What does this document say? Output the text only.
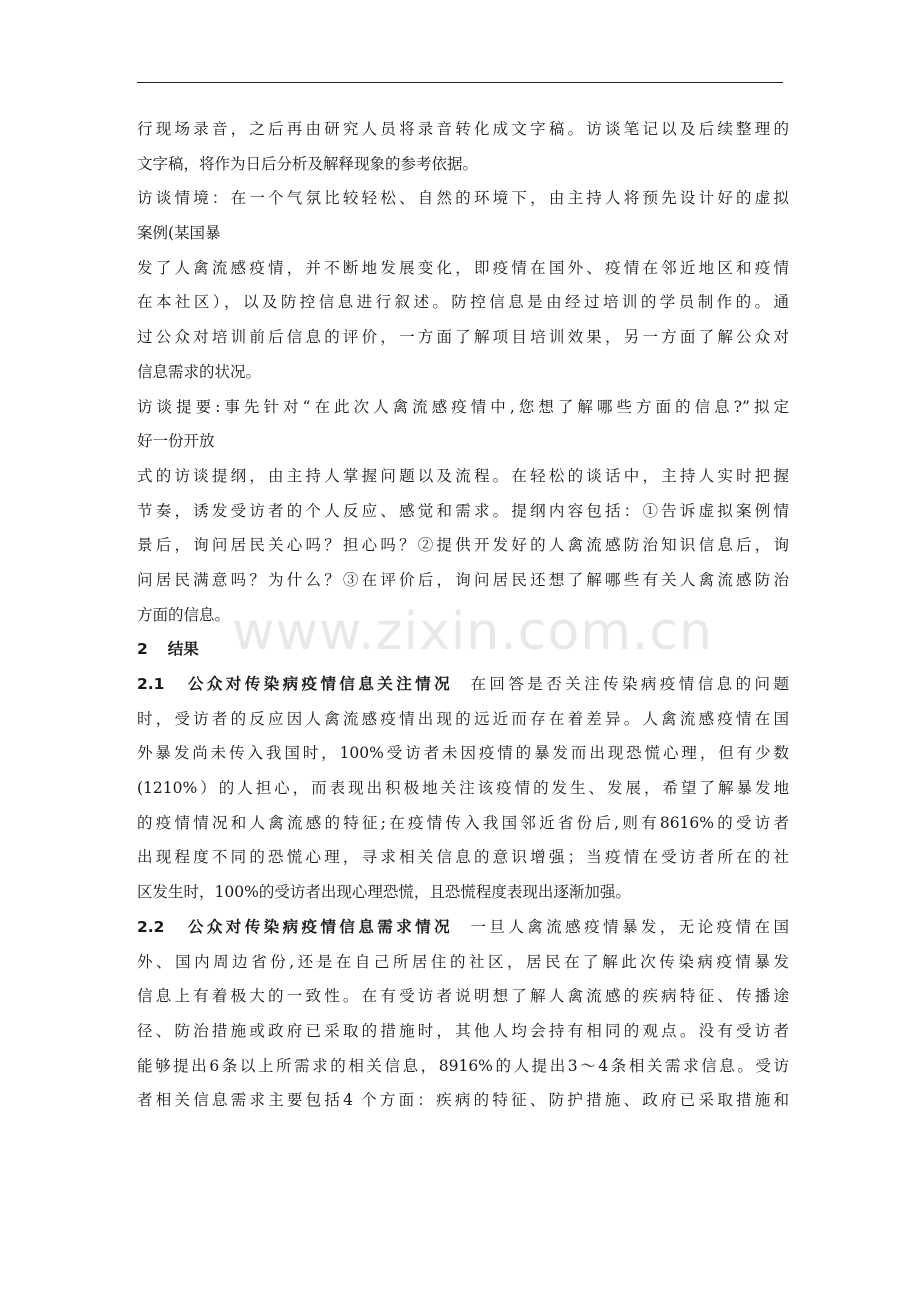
行现场录音，之后再由研究人员将录音转化成文字稿。访谈笔记以及后续整理的
文字稿，将作为日后分析及解释现象的参考依据。
访谈情境：在一个气氛比较轻松、自然的环境下，由主持人将预先设计好的虚拟
案例(某国暴
发了人禽流感疫情，并不断地发展变化，即疫情在国外、疫情在邻近地区和疫情
在本社区），以及防控信息进行叙述。防控信息是由经过培训的学员制作的。通
过公众对培训前后信息的评价，一方面了解项目培训效果，另一方面了解公众对
信息需求的状况。
访谈提要:事先针对“在此次人禽流感疫情中,您想了解哪些方面的信息?”拟定
好一份开放
式的访谈提纲，由主持人掌握问题以及流程。在轻松的谈话中，主持人实时把握
节奏，诱发受访者的个人反应、感觉和需求。提纲内容包括：①告诉虚拟案例情
景后，询问居民关心吗？担心吗？②提供开发好的人禽流感防治知识信息后，询
问居民满意吗？为什么？③在评价后，询问居民还想了解哪些有关人禽流感防治
方面的信息。
2 结果
2.1 公众对传染病疫情信息关注情况 在回答是否关注传染病疫情信息的问题
时，受访者的反应因人禽流感疫情出现的远近而存在着差异。人禽流感疫情在国
外暴发尚未传入我国时，100%受访者未因疫情的暴发而出现恐慌心理，但有少数
(1210%）的人担心，而表现出积极地关注该疫情的发生、发展，希望了解暴发地
的疫情情况和人禽流感的特征;在疫情传入我国邻近省份后,则有8616%的受访者
出现程度不同的恐慌心理，寻求相关信息的意识增强；当疫情在受访者所在的社
区发生时，100%的受访者出现心理恐慌，且恐慌程度表现出逐渐加强。
2.2 公众对传染病疫情信息需求情况 一旦人禽流感疫情暴发，无论疫情在国
外、国内周边省份,还是在自己所居住的社区，居民在了解此次传染病疫情暴发
信息上有着极大的一致性。在有受访者说明想了解人禽流感的疾病特征、传播途
径、防治措施或政府已采取的措施时，其他人均会持有相同的观点。没有受访者
能够提出6条以上所需求的相关信息，8916%的人提出3～4条相关需求信息。受访
者相关信息需求主要包括4 个方面：疾病的特征、防护措施、政府已采取措施和
www.zixin.com.cn
